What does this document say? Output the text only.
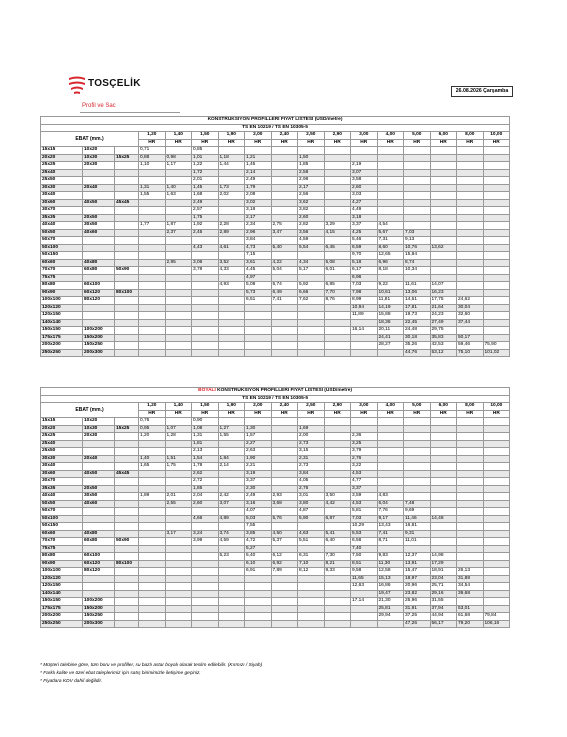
TOSÇELİK
Profil ve Sac
26.08.2026 Çarşamba
KONSTRÜKSİYON PROFİLLERİ FİYAT LİSTESİ (USD/metre)																
TS EN 10219 / TS EN 10305-5																
EBAT (mm.)			1,20	1,40	1,50	1,90	2,00	2,40	2,50	2,90	3,00	4,00	5,00	6,00	8,00	10,00
			HR	HR	HR	HR	HR	HR	HR	HR	HR	HR	HR	HR	HR	HR
15x15	10x20		0,71		0,85											
20x20	10x30	15x25	0,88	0,98	1,01	1,18	1,21		1,50							
25x25	20x30		1,10	1,17	1,22	1,44	1,45		1,85		2,19					
25x40					1,72		2,14		2,58		3,07					
25x50					2,01		2,49		2,98		3,58					
30x30	20x40		1,31	1,40	1,45	1,73	1,79		2,17		2,60					
30x40			1,55	1,63	1,68	2,02	2,08		2,56		3,03					
30x60	40x50	45x45			2,49		3,02		3,62		4,27					
30x70					2,57		3,18		3,82		4,49					
35x35	20x50				1,75		2,17		2,60		3,18					
40x40	30x50		1,77	1,87	1,92	2,28	2,34	2,75	2,82	3,29	3,37	4,54				
50x50	40x60			2,37	2,45	2,89	2,96	3,47	3,56	4,15	4,25	5,67	7,03			
50x70							3,84		4,59		5,46	7,31	9,13			
50x100					4,43	4,61	4,73	5,40	5,54	6,45	6,59	8,60	10,76	13,62		
50x150							7,15				9,70	12,65	15,84			
60x60	40x80			2,95	3,06	3,52	3,61	4,22	4,34	5,08	5,18	6,96	8,74			
70x70	60x80	50x90			3,78	4,33	4,45	5,04	5,17	6,01	6,17	8,18	10,34			
75x75							4,97				6,96					
80x80	60x100					4,93	5,08	5,74	5,92	6,85	7,03	9,22	11,61	14,07		
90x90	60x120	80x100					5,73	6,49	6,66	7,70	7,98	10,61	13,06	16,23		
100x100	80x120						6,51	7,41	7,62	8,76	8,99	11,81	14,51	17,75	24,62	
120x120											10,94	14,19	17,81	21,64	30,04	
120x150											11,89	15,88	19,73	24,23	32,60	
140x140												18,36	22,45	27,49	37,44	
150x150	100x200										16,14	20,11	24,48	29,75		
175x175	150x200											24,41	30,18	35,83	50,17	
200x200	150x250											28,27	35,26	42,53	59,46	75,90
250x250	200x300												44,76	53,12	75,10	101,02
BOYALI KONSTRÜKSİYON PROFİLLERİ FİYAT LİSTESİ (USD/metre)																
TS EN 10219 / TS EN 10305-5																
EBAT (mm.)			1,20	1,40	1,50	1,90	2,00	2,40	2,50	2,90	3,00	4,00	5,00	6,00	8,00	10,00
			HR	HR	HR	HR	HR	HR	HR	HR	HR	HR	HR	HR	HR	HR
15x15	10x20		0,76		0,90											
20x20	10x30	15x25	0,95	1,07	1,08	1,27	1,30		1,69							
25x25	20x30		1,20	1,28	1,31	1,55	1,57		2,00		2,36					
25x40					1,81		2,27		2,73		3,25					
25x50					2,13		2,63		3,15		3,79					
30x30	20x40		1,40	1,51	1,54	1,84	1,90		2,31		2,76					
30x40			1,65	1,75	1,78	2,14	2,21		2,73		3,22					
30x60	40x50	45x45			2,62		3,19		3,84		4,53					
30x70					2,72		3,37		4,05		4,77					
35x35	20x50				1,85		2,30		2,76		3,37					
40x40	30x50		1,89	2,01	2,04	2,42	2,49	2,93	3,01	3,50	3,59	4,83				
50x50	40x60			2,55	2,60	3,07	3,16	3,69	3,80	4,42	4,53	6,04	7,48			
50x70							4,07		4,87		5,81	7,76	9,69			
50x100					4,66	4,89	5,03	5,76	5,90	6,87	7,03	9,17	11,46	14,48		
50x150							7,55				10,29	13,43	16,81			
60x60	40x80			3,17	3,24	3,74	3,85	4,50	4,63	5,41	5,53	7,41	9,31			
70x70	60x80	50x90			3,99	4,59	4,72	5,37	5,51	6,40	6,58	8,71	11,01			
75x75							5,27				7,40					
80x80	60x100					5,23	5,40	6,12	6,31	7,30	7,50	9,83	12,37	14,98		
90x90	60x120	80x100					6,10	6,92	7,10	8,21	8,51	11,30	13,91	17,29		
100x100	80x120						6,91	7,89	8,12	9,33	9,58	12,58	15,47	18,91	26,13	
120x120											11,65	15,13	18,97	23,04	31,88	
120x150											12,63	16,86	20,96	25,71	34,54	
140x140												19,47	23,82	29,16	39,68	
150x150	100x200										17,14	21,30	25,96	31,55		
175x175	150x200											25,81	31,91	37,94	53,01	
200x200	150x250											29,94	37,25	44,94	61,68	79,84
250x250	200x300												47,26	56,17	79,20	106,16
* Müşteri talebine göre, tüm boru ve profiller, su bazlı astar boyalı olarak teslim edilebilir. (Kırmızı / Siyah)
* Farklı kalite ve özel ebat taleplerimiz için satış birimimizle iletişime geçiniz.
* Fiyatlara KDV dahil değildir.
